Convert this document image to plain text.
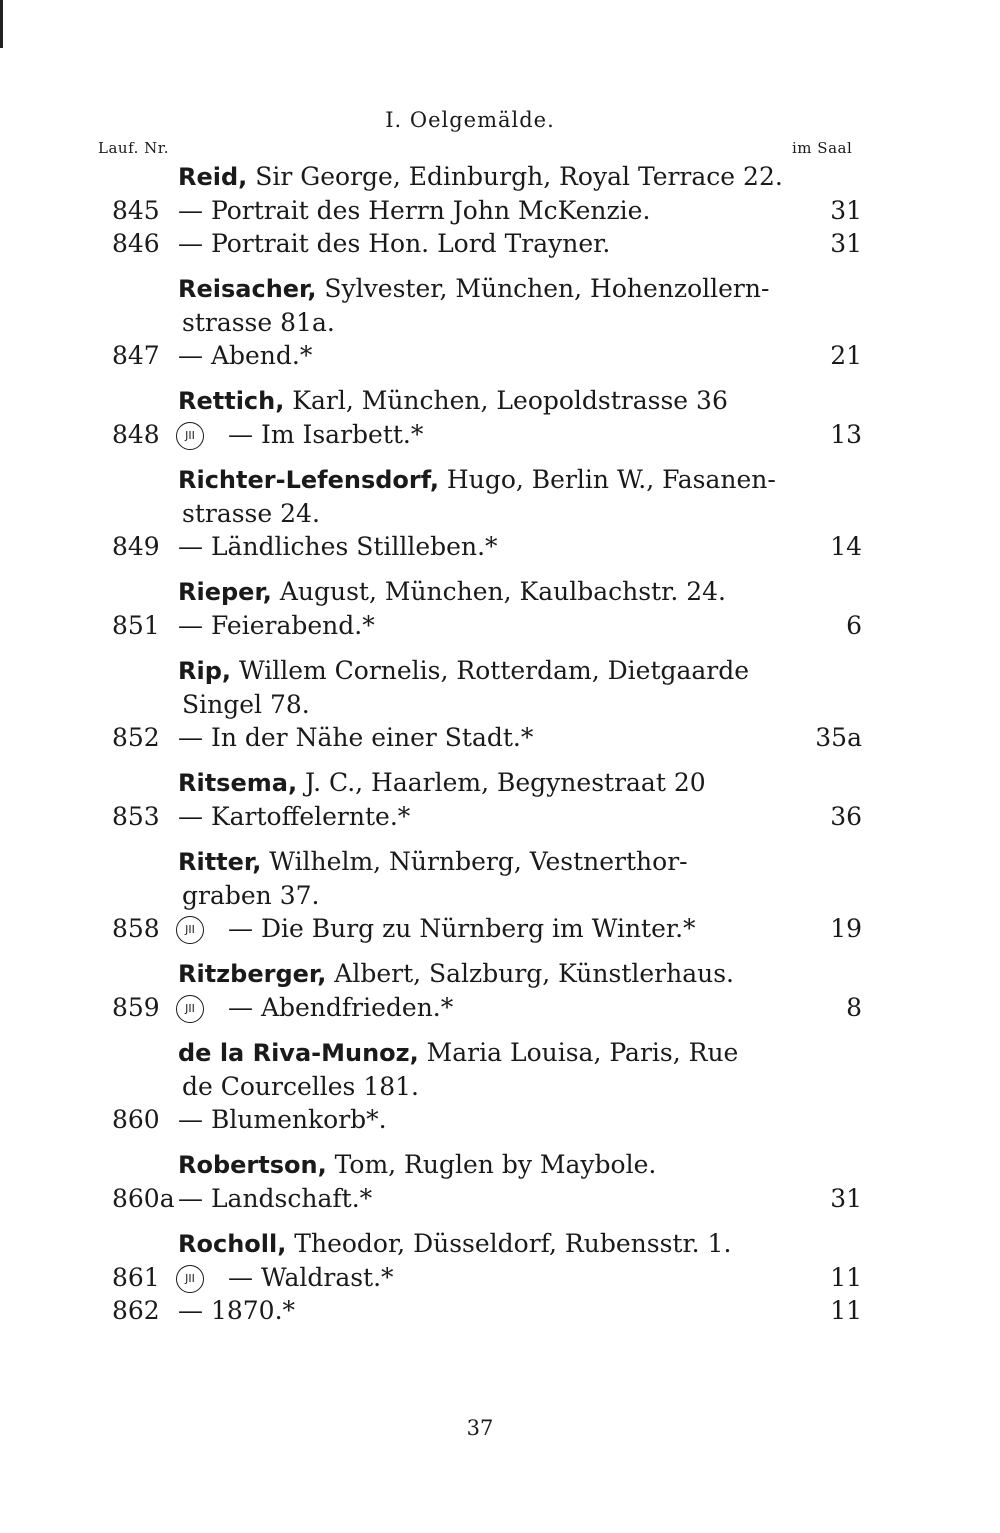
I. Oelgemälde.
Lauf. Nr.	im Saal
Reid, Sir George, Edinburgh, Royal Terrace 22.
845 — Portrait des Herrn John McKenzie.	31
846 — Portrait des Hon. Lord Trayner.	31
Reisacher, Sylvester, München, Hohenzollern-
strasse 81a.
847 — Abend.*	21
Rettich, Karl, München, Leopoldstrasse 36
848	JII	— Im Isarbett.*	13
Richter-Lefensdorf, Hugo, Berlin W., Fasanen-
strasse 24.
849 — Ländliches Stillleben.*	14
Rieper, August, München, Kaulbachstr. 24.
851 — Feierabend.*	6
Rip, Willem Cornelis, Rotterdam, Dietgaarde
Singel 78.
852 — In der Nähe einer Stadt.*	35a
Ritsema, J. C., Haarlem, Begynestraat 20
853 — Kartoffelernte.*	36
Ritter, Wilhelm, Nürnberg, Vestnerthor-
graben 37.
858	JII	— Die Burg zu Nürnberg im Winter.*	19
Ritzberger, Albert, Salzburg, Künstlerhaus.
859	JII	— Abendfrieden.*	8
de la Riva-Munoz, Maria Louisa, Paris, Rue
de Courcelles 181.
860 — Blumenkorb*.
Robertson, Tom, Ruglen by Maybole.
860a — Landschaft.*	31
Rocholl, Theodor, Düsseldorf, Rubensstr. 1.
861	JII	— Waldrast.*	11
862 — 1870.*	11
37
